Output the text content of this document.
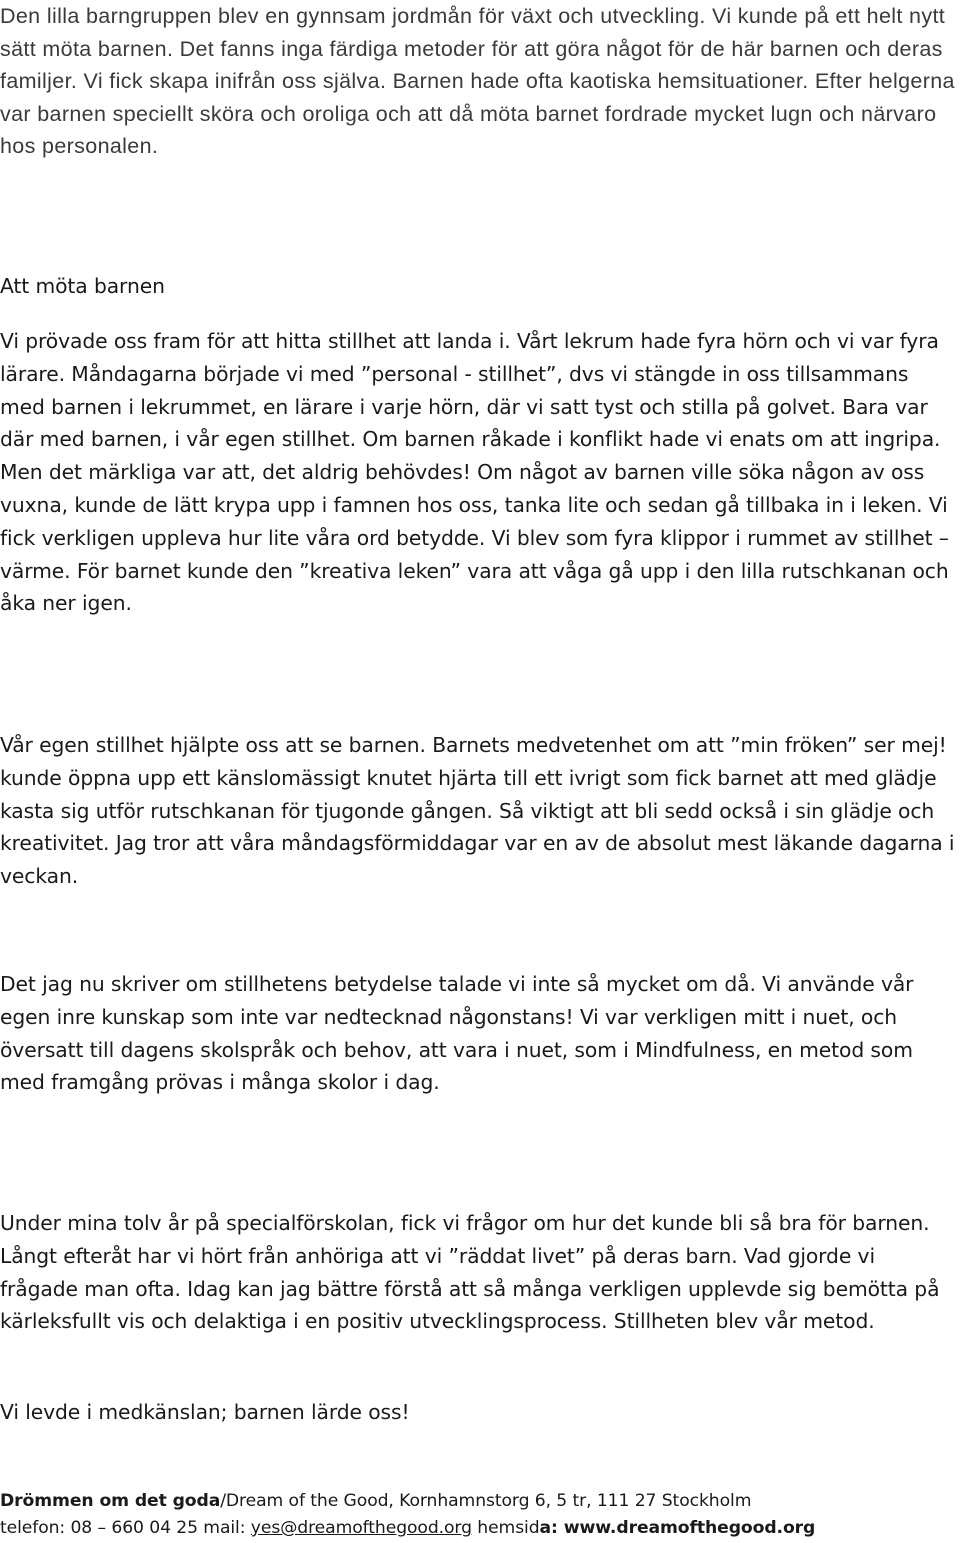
Den lilla barngruppen blev en gynnsam jordmån för växt och utveckling. Vi kunde på ett helt nytt sätt möta barnen. Det fanns inga färdiga metoder för att göra något för de här barnen och deras familjer. Vi fick skapa inifrån oss själva. Barnen hade ofta kaotiska hemsituationer. Efter helgerna var barnen speciellt sköra och oroliga och att då möta barnet fordrade mycket lugn och närvaro hos personalen.

Att möta barnen

Vi prövade oss fram för att hitta stillhet att landa i. Vårt lekrum hade fyra hörn och vi var fyra lärare. Måndagarna började vi med ”personal - stillhet”, dvs vi stängde in oss tillsammans med barnen i lekrummet, en lärare i varje hörn, där vi satt tyst och stilla på golvet. Bara var där med barnen, i vår egen stillhet. Om barnen råkade i konflikt hade vi enats om att ingripa. Men det märkliga var att, det aldrig behövdes! Om något av barnen ville söka någon av oss vuxna, kunde de lätt krypa upp i famnen hos oss, tanka lite och sedan gå tillbaka in i leken. Vi fick verkligen uppleva hur lite våra ord betydde. Vi blev som fyra klippor i rummet av stillhet – värme. För barnet kunde den ”kreativa leken” vara att våga gå upp i den lilla rutschkanan och åka ner igen.

Vår egen stillhet hjälpte oss att se barnen. Barnets medvetenhet om att ”min fröken” ser mej! kunde öppna upp ett känslomässigt knutet hjärta till ett ivrigt som fick barnet att med glädje kasta sig utför rutschkanan för tjugonde gången. Så viktigt att bli sedd också i sin glädje och kreativitet. Jag tror att våra måndagsförmiddagar var en av de absolut mest läkande dagarna i veckan.

Det jag nu skriver om stillhetens betydelse talade vi inte så mycket om då. Vi använde vår egen inre kunskap som inte var nedtecknad någonstans! Vi var verkligen mitt i nuet, och översatt till dagens skolspråk och behov, att vara i nuet, som i Mindfulness, en metod som med framgång prövas i många skolor i dag.

Under mina tolv år på specialförskolan, fick vi frågor om hur det kunde bli så bra för barnen. Långt efteråt har vi hört från anhöriga att vi ”räddat livet” på deras barn. Vad gjorde vi frågade man ofta. Idag kan jag bättre förstå att så många verkligen upplevde sig bemötta på kärleksfullt vis och delaktiga i en positiv utvecklingsprocess. Stillheten blev vår metod.

Vi levde i medkänslan; barnen lärde oss!

Drömmen om det goda/Dream of the Good, Kornhamnstorg 6, 5 tr, 111 27 Stockholm
telefon: 08 – 660 04 25 mail: yes@dreamofthegood.org hemsida: www.dreamofthegood.org
